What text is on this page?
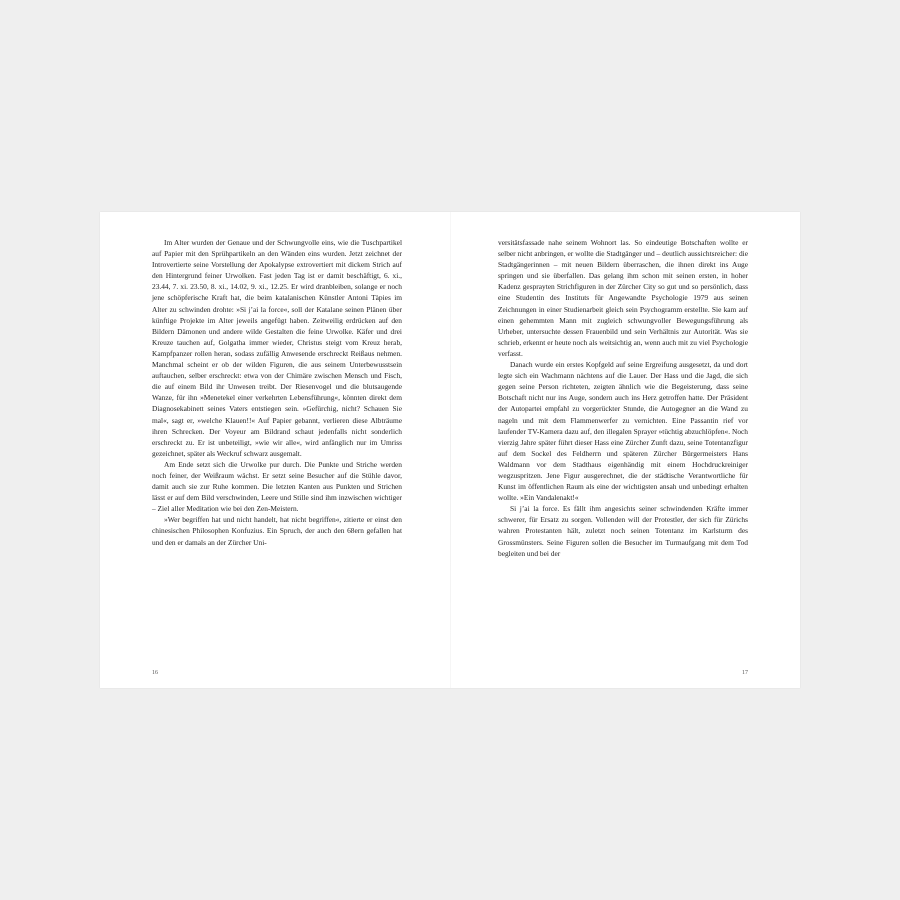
Im Alter wurden der Genaue und der Schwungvolle eins, wie die Tuschpartikel auf Papier mit den Sprühpartikeln an den Wänden eins wurden. Jetzt zeichnet der Introvertierte seine Vorstellung der Apokalypse extrovertiert mit dickem Strich auf den Hintergrund feiner Urwolken. Fast jeden Tag ist er damit beschäftigt, 6. xi., 23.44, 7. xi. 23.50, 8. xi., 14.02, 9. xi., 12.25. Er wird dranbleiben, solange er noch jene schöpferische Kraft hat, die beim katalanischen Künstler Antoni Tàpies im Alter zu schwinden drohte: »Si j’ai la force«, soll der Katalane seinen Plänen über künftige Projekte im Alter jeweils angefügt haben. Zeitweilig erdrücken auf den Bildern Dämonen und andere wilde Gestalten die feine Urwolke. Käfer und drei Kreuze tauchen auf, Golgatha immer wieder, Christus steigt vom Kreuz herab, Kampfpanzer rollen heran, sodass zufällig Anwesende erschreckt Reißaus nehmen. Manchmal scheint er ob der wilden Figuren, die aus seinem Unterbewusstsein auftauchen, selber erschreckt: etwa von der Chimäre zwischen Mensch und Fisch, die auf einem Bild ihr Unwesen treibt. Der Riesenvogel und die blutsaugende Wanze, für ihn »Menetekel einer verkehrten Lebensführung«, könnten direkt dem Diagnosekabinett seines Vaters entstiegen sein. »Gefürchig, nicht? Schauen Sie mal«, sagt er, »welche Klauen!!« Auf Papier gebannt, verlieren diese Albträume ihren Schrecken. Der Voyeur am Bildrand schaut jedenfalls nicht sonderlich erschreckt zu. Er ist unbeteiligt, »wie wir alle«, wird anfänglich nur im Umriss gezeichnet, später als Weckruf schwarz ausgemalt.

Am Ende setzt sich die Urwolke pur durch. Die Punkte und Striche werden noch feiner, der Weißraum wächst. Er setzt seine Besucher auf die Stühle davor, damit auch sie zur Ruhe kommen. Die letzten Kanten aus Punkten und Strichen lässt er auf dem Bild verschwinden, Leere und Stille sind ihm inzwischen wichtiger – Ziel aller Meditation wie bei den Zen-Meistern.

»Wer begriffen hat und nicht handelt, hat nicht begriffen«, zitierte er einst den chinesischen Philosophen Konfuzius. Ein Spruch, der auch den 68ern gefallen hat und den er damals an der Zürcher Uni-

16

versitätsfassade nahe seinem Wohnort las. So eindeutige Botschaften wollte er selber nicht anbringen, er wollte die Stadtgänger und – deutlich aussichtsreicher: die Stadtgängerinnen – mit neuen Bildern überraschen, die ihnen direkt ins Auge springen und sie überfallen. Das gelang ihm schon mit seinen ersten, in hoher Kadenz gesprayten Strichfiguren in der Zürcher City so gut und so persönlich, dass eine Studentin des Instituts für Angewandte Psychologie 1979 aus seinen Zeichnungen in einer Studienarbeit gleich sein Psychogramm erstellte. Sie kam auf einen gehemmten Mann mit zugleich schwungvoller Bewegungsführung als Urheber, untersuchte dessen Frauenbild und sein Verhältnis zur Autorität. Was sie schrieb, erkennt er heute noch als weitsichtig an, wenn auch mit zu viel Psychologie verfasst.

Danach wurde ein erstes Kopfgeld auf seine Ergreifung ausgesetzt, da und dort legte sich ein Wachmann nächtens auf die Lauer. Der Hass und die Jagd, die sich gegen seine Person richteten, zeigten ähnlich wie die Begeisterung, dass seine Botschaft nicht nur ins Auge, sondern auch ins Herz getroffen hatte. Der Präsident der Autopartei empfahl zu vorgerückter Stunde, die Autogegner an die Wand zu nageln und mit dem Flammenwerfer zu vernichten. Eine Passantin rief vor laufender TV-Kamera dazu auf, den illegalen Sprayer »tüchtig abzuchlöpfen«. Noch vierzig Jahre später führt dieser Hass eine Zürcher Zunft dazu, seine Totentanzfigur auf dem Sockel des Feldherrn und späteren Zürcher Bürgermeisters Hans Waldmann vor dem Stadthaus eigenhändig mit einem Hochdruckreiniger wegzuspritzen. Jene Figur ausgerechnet, die der städtische Verantwortliche für Kunst im öffentlichen Raum als eine der wichtigsten ansah und unbedingt erhalten wollte. »Ein Vandalenakt!«

Si j’ai la force. Es fällt ihm angesichts seiner schwindenden Kräfte immer schwerer, für Ersatz zu sorgen. Vollenden will der Protestler, der sich für Zürichs wahren Protestanten hält, zuletzt noch seinen Totentanz im Karlsturm des Grossmünsters. Seine Figuren sollen die Besucher im Turmaufgang mit dem Tod begleiten und bei der

17
